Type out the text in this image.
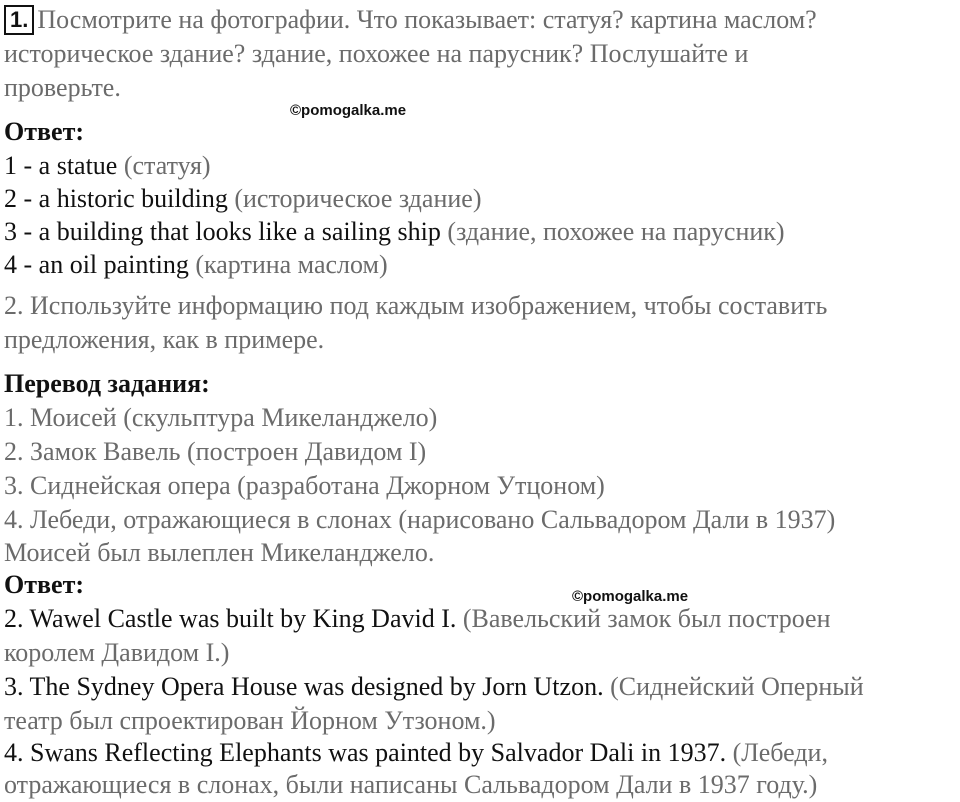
1. Посмотрите на фотографии. Что показывает: статуя? картина маслом?
историческое здание? здание, похожее на парусник? Послушайте и
проверьте.
©pomogalka.me
Ответ:
1 - a statue (статуя)
2 - a historic building (историческое здание)
3 - a building that looks like a sailing ship (здание, похожее на парусник)
4 - an oil painting (картина маслом)
2. Используйте информацию под каждым изображением, чтобы составить
предложения, как в примере.
Перевод задания:
1. Моисей (скульптура Микеланджело)
2. Замок Вавель (построен Давидом I)
3. Сиднейская опера (разработана Джорном Утцоном)
4. Лебеди, отражающиеся в слонах (нарисовано Сальвадором Дали в 1937)
Моисей был вылеплен Микеланджело.
Ответ:	©pomogalka.me
2. Wawel Castle was built by King David I. (Вавельский замок был построен
королем Давидом I.)
3. The Sydney Opera House was designed by Jorn Utzon. (Сиднейский Оперный
театр был спроектирован Йорном Утзоном.)
4. Swans Reflecting Elephants was painted by Salvador Dali in 1937. (Лебеди,
отражающиеся в слонах, были написаны Сальвадором Дали в 1937 году.)
